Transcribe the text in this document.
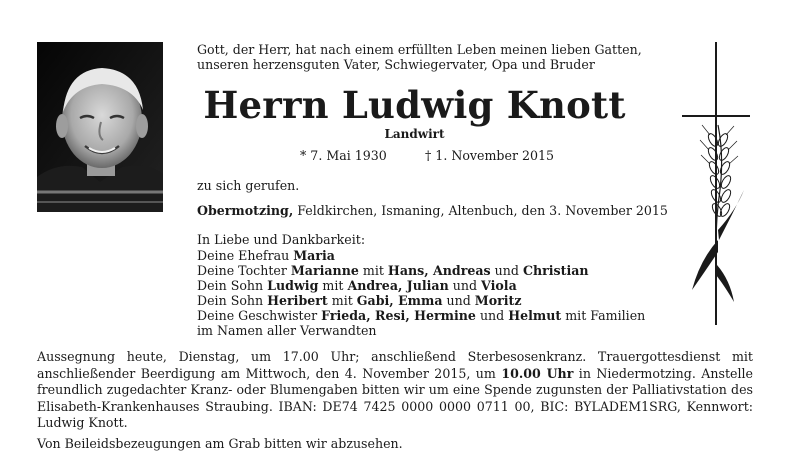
Gott, der Herr, hat nach einem erfüllten Leben meinen lieben Gatten,
unseren herzensguten Vater, Schwiegervater, Opa und Bruder
Herrn Ludwig Knott
Landwirt
* 7. Mai 1930	† 1. November 2015
zu sich gerufen.
Obermotzing, Feldkirchen, Ismaning, Altenbuch, den 3. November 2015
In Liebe und Dankbarkeit:
Deine Ehefrau Maria
Deine Tochter Marianne mit Hans, Andreas und Christian
Dein Sohn Ludwig mit Andrea, Julian und Viola
Dein Sohn Heribert mit Gabi, Emma und Moritz
Deine Geschwister Frieda, Resi, Hermine und Helmut mit Familien
im Namen aller Verwandten

Aussegnung heute, Dienstag, um 17.00 Uhr; anschließend Sterbesosenkranz. Trauergottesdienst mit anschließender Beerdigung am Mittwoch, den 4. November 2015, um 10.00 Uhr in Niedermotzing. Anstelle freundlich zugedachter Kranz- oder Blumengaben bitten wir um eine Spende zugunsten der Palliativstation des Elisabeth-Krankenhauses Straubing. IBAN: DE74 7425 0000 0000 0711 00, BIC: BYLADEM1SRG, Kennwort: Ludwig Knott.

Von Beileidsbezeugungen am Grab bitten wir abzusehen.
